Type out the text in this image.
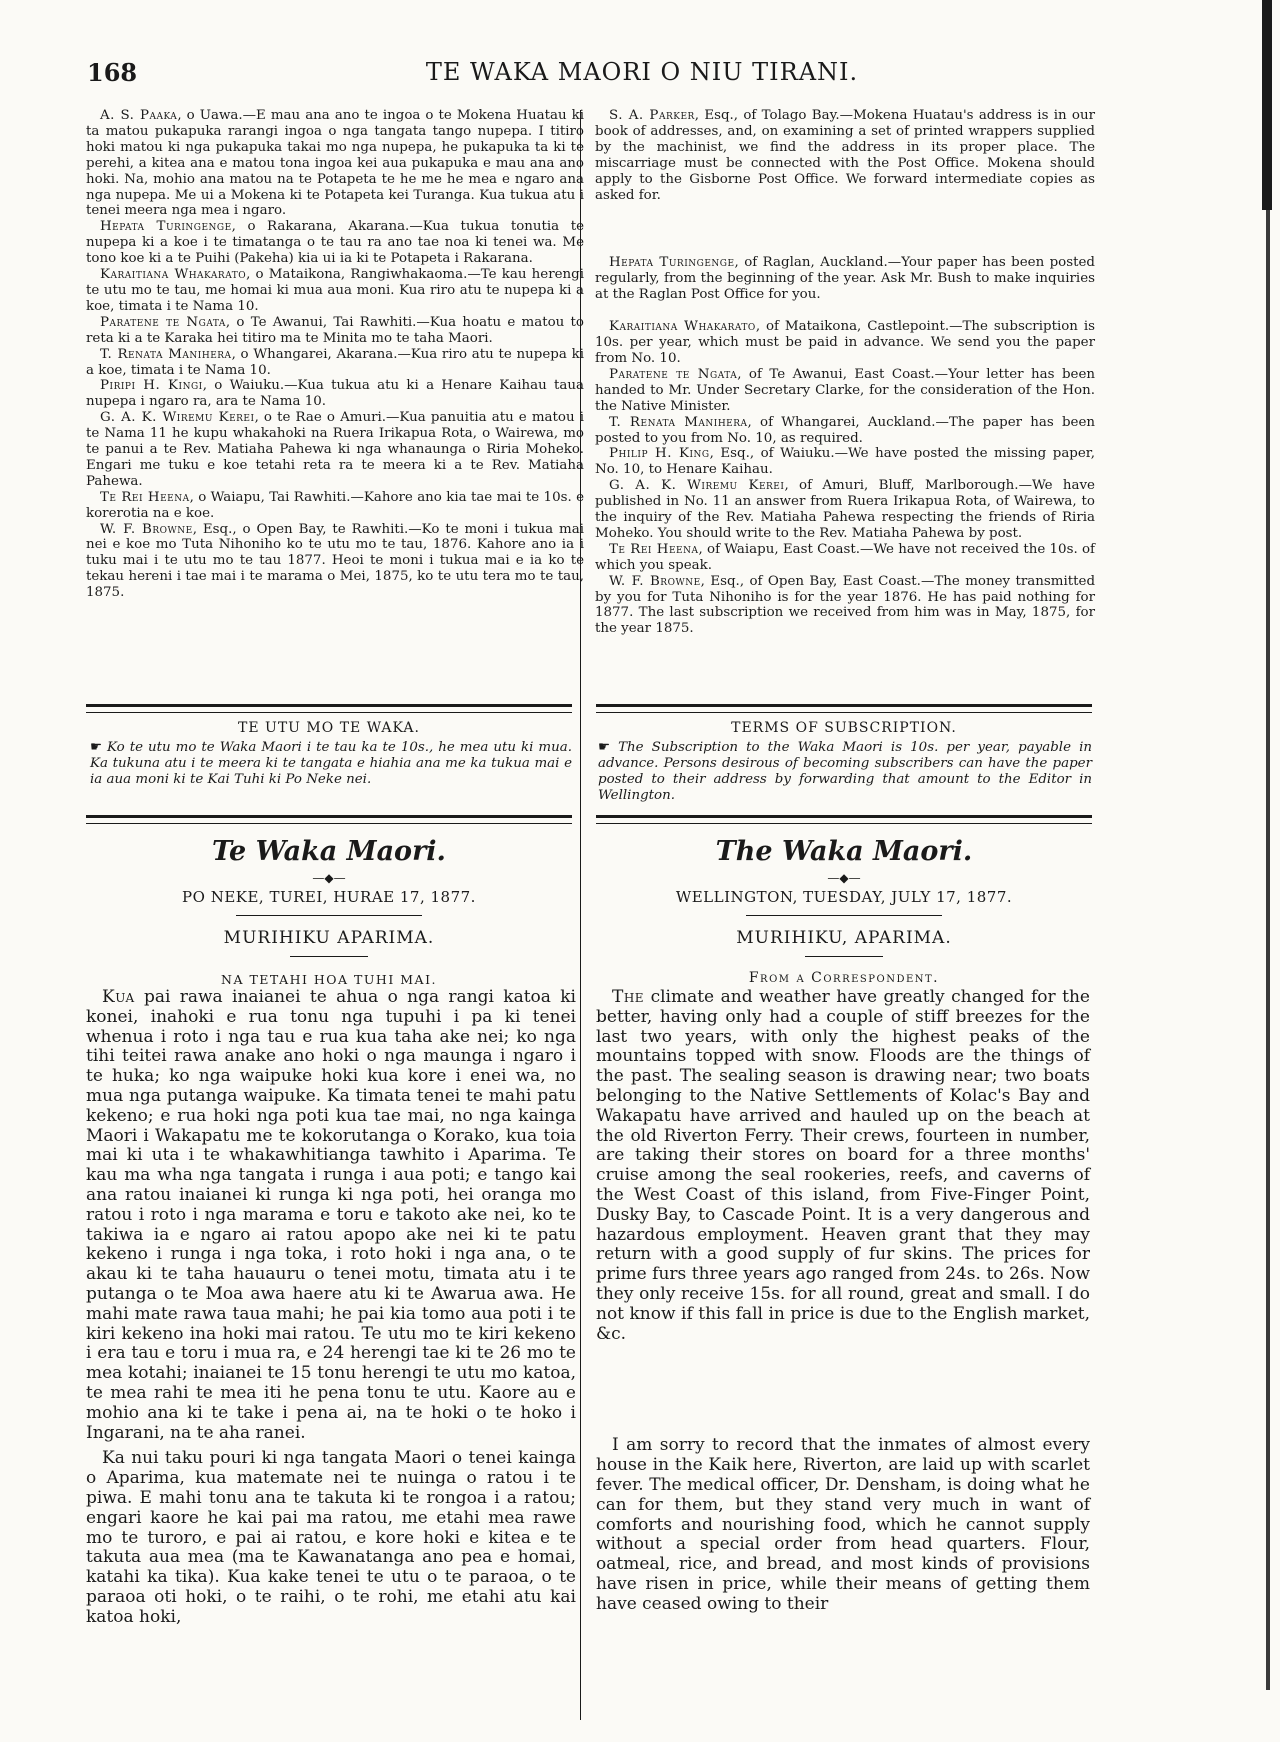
168	TE WAKA MAORI O NIU TIRANI.

A. S. Paaka, o Uawa.—E mau ana ano te ingoa o te Mokena Huatau ki ta matou pukapuka rarangi ingoa o nga tangata tango nupepa. I titiro hoki matou ki nga pukapuka takai mo nga nupepa, he pukapuka ta ki te perehi, a kitea ana e matou tona ingoa kei aua pukapuka e mau ana ano hoki. Na, mohio ana matou na te Potapeta te he me he mea e ngaro ana nga nupepa. Me ui a Mokena ki te Potapeta kei Turanga. Kua tukua atu i tenei meera nga mea i ngaro.

Hepata Turingenge, o Rakarana, Akarana.—Kua tukua tonutia te nupepa ki a koe i te timatanga o te tau ra ano tae noa ki tenei wa. Me tono koe ki a te Puihi (Pakeha) kia ui ia ki te Potapeta i Rakarana.

Karaitiana Whakarato, o Mataikona, Rangiwhakaoma.—Te kau herengi te utu mo te tau, me homai ki mua aua moni. Kua riro atu te nupepa ki a koe, timata i te Nama 10.

Paratene te Ngata, o Te Awanui, Tai Rawhiti.—Kua hoatu e matou to reta ki a te Karaka hei titiro ma te Minita mo te taha Maori.

T. Renata Manihera, o Whangarei, Akarana.—Kua riro atu te nupepa ki a koe, timata i te Nama 10.

Piripi H. Kingi, o Waiuku.—Kua tukua atu ki a Henare Kaihau taua nupepa i ngaro ra, ara te Nama 10.

G. A. K. Wiremu Kerei, o te Rae o Amuri.—Kua panuitia atu e matou i te Nama 11 he kupu whakahoki na Ruera Irikapua Rota, o Wairewa, mo te panui a te Rev. Matiaha Pahewa ki nga whanaunga o Riria Moheko. Engari me tuku e koe tetahi reta ra te meera ki a te Rev. Matiaha Pahewa.

Te Rei Heena, o Waiapu, Tai Rawhiti.—Kahore ano kia tae mai te 10s. e korerotia na e koe.

W. F. Browne, Esq., o Open Bay, te Rawhiti.—Ko te moni i tukua mai nei e koe mo Tuta Nihoniho ko te utu mo te tau, 1876. Kahore ano ia i tuku mai i te utu mo te tau 1877. Heoi te moni i tukua mai e ia ko te tekau hereni i tae mai i te marama o Mei, 1875, ko te utu tera mo te tau, 1875.

S. A. Parker, Esq., of Tolago Bay.—Mokena Huatau's address is in our book of addresses, and, on examining a set of printed wrappers supplied by the machinist, we find the address in its proper place. The miscarriage must be connected with the Post Office. Mokena should apply to the Gisborne Post Office. We forward intermediate copies as asked for.

Hepata Turingenge, of Raglan, Auckland.—Your paper has been posted regularly, from the beginning of the year. Ask Mr. Bush to make inquiries at the Raglan Post Office for you.

Karaitiana Whakarato, of Mataikona, Castlepoint.—The subscription is 10s. per year, which must be paid in advance. We send you the paper from No. 10.

Paratene te Ngata, of Te Awanui, East Coast.—Your letter has been handed to Mr. Under Secretary Clarke, for the consideration of the Hon. the Native Minister.

T. Renata Manihera, of Whangarei, Auckland.—The paper has been posted to you from No. 10, as required.

Philip H. King, Esq., of Waiuku.—We have posted the missing paper, No. 10, to Henare Kaihau.

G. A. K. Wiremu Kerei, of Amuri, Bluff, Marlborough.—We have published in No. 11 an answer from Ruera Irikapua Rota, of Wairewa, to the inquiry of the Rev. Matiaha Pahewa respecting the friends of Riria Moheko. You should write to the Rev. Matiaha Pahewa by post.

Te Rei Heena, of Waiapu, East Coast.—We have not received the 10s. of which you speak.

W. F. Browne, Esq., of Open Bay, East Coast.—The money transmitted by you for Tuta Nihoniho is for the year 1876. He has paid nothing for 1877. The last subscription we received from him was in May, 1875, for the year 1875.

TE UTU MO TE WAKA.
☛ Ko te utu mo te Waka Maori i te tau ka te 10s., he mea utu ki mua. Ka tukuna atu i te meera ki te tangata e hiahia ana me ka tukua mai e ia aua moni ki te Kai Tuhi ki Po Neke nei.
TERMS OF SUBSCRIPTION.
☛ The Subscription to the Waka Maori is 10s. per year, payable in advance. Persons desirous of becoming subscribers can have the paper posted to their address by forwarding that amount to the Editor in Wellington.
Te Waka Maori.
—◆—
PO NEKE, TUREI, HURAE 17, 1877.
MURIHIKU APARIMA.
NA TETAHI HOA TUHI MAI.

Kua pai rawa inaianei te ahua o nga rangi katoa ki konei, inahoki e rua tonu nga tupuhi i pa ki tenei whenua i roto i nga tau e rua kua taha ake nei; ko nga tihi teitei rawa anake ano hoki o nga maunga i ngaro i te huka; ko nga waipuke hoki kua kore i enei wa, no mua nga putanga waipuke. Ka timata tenei te mahi patu kekeno; e rua hoki nga poti kua tae mai, no nga kainga Maori i Wakapatu me te kokorutanga o Korako, kua toia mai ki uta i te whakawhitianga tawhito i Aparima. Te kau ma wha nga tangata i runga i aua poti; e tango kai ana ratou inaianei ki runga ki nga poti, hei oranga mo ratou i roto i nga marama e toru e takoto ake nei, ko te takiwa ia e ngaro ai ratou apopo ake nei ki te patu kekeno i runga i nga toka, i roto hoki i nga ana, o te akau ki te taha hauauru o tenei motu, timata atu i te putanga o te Moa awa haere atu ki te Awarua awa. He mahi mate rawa taua mahi; he pai kia tomo aua poti i te kiri kekeno ina hoki mai ratou. Te utu mo te kiri kekeno i era tau e toru i mua ra, e 24 herengi tae ki te 26 mo te mea kotahi; inaianei te 15 tonu herengi te utu mo katoa, te mea rahi te mea iti he pena tonu te utu. Kaore au e mohio ana ki te take i pena ai, na te hoki o te hoko i Ingarani, na te aha ranei.

Ka nui taku pouri ki nga tangata Maori o tenei kainga o Aparima, kua matemate nei te nuinga o ratou i te piwa. E mahi tonu ana te takuta ki te rongoa i a ratou; engari kaore he kai pai ma ratou, me etahi mea rawe mo te turoro, e pai ai ratou, e kore hoki e kitea e te takuta aua mea (ma te Kawanatanga ano pea e homai, katahi ka tika). Kua kake tenei te utu o te paraoa, o te paraoa oti hoki, o te raihi, o te rohi, me etahi atu kai katoa hoki,

The Waka Maori.
—◆—
WELLINGTON, TUESDAY, JULY 17, 1877.
MURIHIKU, APARIMA.
From a Correspondent.

The climate and weather have greatly changed for the better, having only had a couple of stiff breezes for the last two years, with only the highest peaks of the mountains topped with snow. Floods are the things of the past. The sealing season is drawing near; two boats belonging to the Native Settlements of Kolac's Bay and Wakapatu have arrived and hauled up on the beach at the old Riverton Ferry. Their crews, fourteen in number, are taking their stores on board for a three months' cruise among the seal rookeries, reefs, and caverns of the West Coast of this island, from Five-Finger Point, Dusky Bay, to Cascade Point. It is a very dangerous and hazardous employment. Heaven grant that they may return with a good supply of fur skins. The prices for prime furs three years ago ranged from 24s. to 26s. Now they only receive 15s. for all round, great and small. I do not know if this fall in price is due to the English market, &c.

I am sorry to record that the inmates of almost every house in the Kaik here, Riverton, are laid up with scarlet fever. The medical officer, Dr. Densham, is doing what he can for them, but they stand very much in want of comforts and nourishing food, which he cannot supply without a special order from head quarters. Flour, oatmeal, rice, and bread, and most kinds of provisions have risen in price, while their means of getting them have ceased owing to their
